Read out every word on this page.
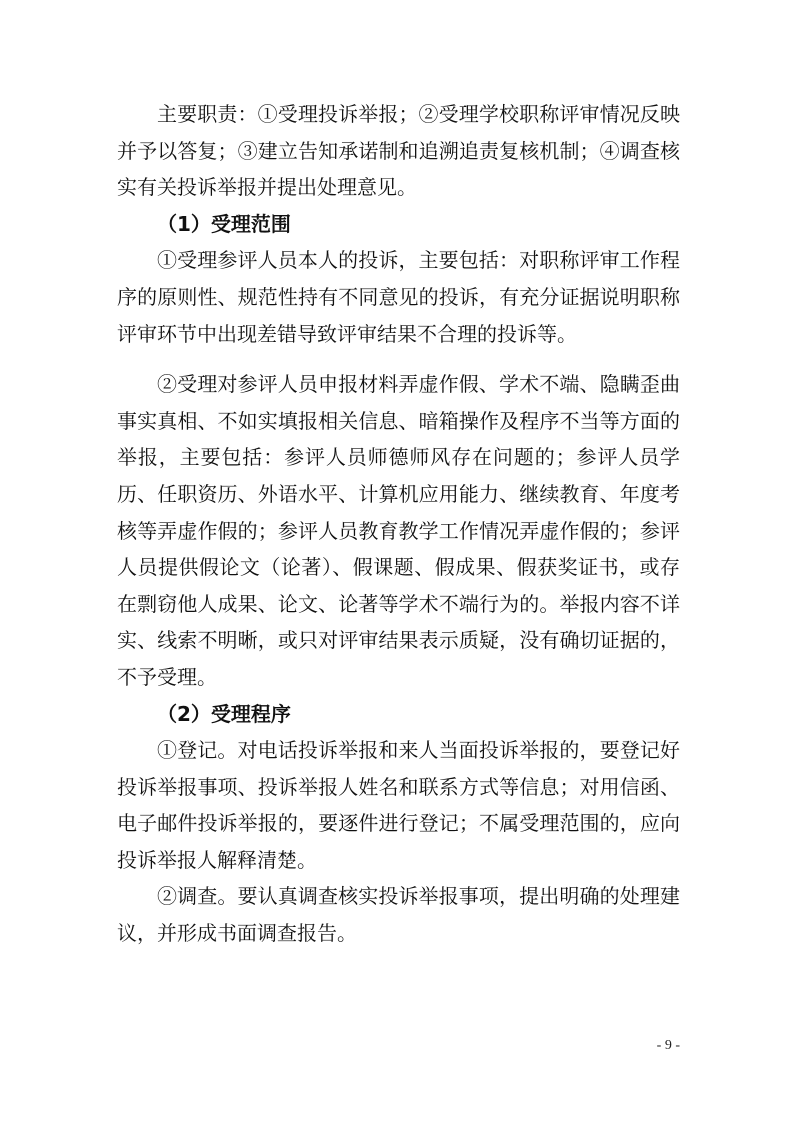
主要职责：①受理投诉举报；②受理学校职称评审情况反映并予以答复；③建立告知承诺制和追溯追责复核机制；④调查核实有关投诉举报并提出处理意见。

（1）受理范围

①受理参评人员本人的投诉，主要包括：对职称评审工作程序的原则性、规范性持有不同意见的投诉，有充分证据说明职称评审环节中出现差错导致评审结果不合理的投诉等。

②受理对参评人员申报材料弄虚作假、学术不端、隐瞒歪曲事实真相、不如实填报相关信息、暗箱操作及程序不当等方面的举报，主要包括：参评人员师德师风存在问题的；参评人员学历、任职资历、外语水平、计算机应用能力、继续教育、年度考核等弄虚作假的；参评人员教育教学工作情况弄虚作假的；参评人员提供假论文（论著）、假课题、假成果、假获奖证书，或存在剽窃他人成果、论文、论著等学术不端行为的。举报内容不详实、线索不明晰，或只对评审结果表示质疑，没有确切证据的，不予受理。

（2）受理程序

①登记。对电话投诉举报和来人当面投诉举报的，要登记好投诉举报事项、投诉举报人姓名和联系方式等信息；对用信函、电子邮件投诉举报的，要逐件进行登记；不属受理范围的，应向投诉举报人解释清楚。

②调查。要认真调查核实投诉举报事项，提出明确的处理建议，并形成书面调查报告。

- 9 -
